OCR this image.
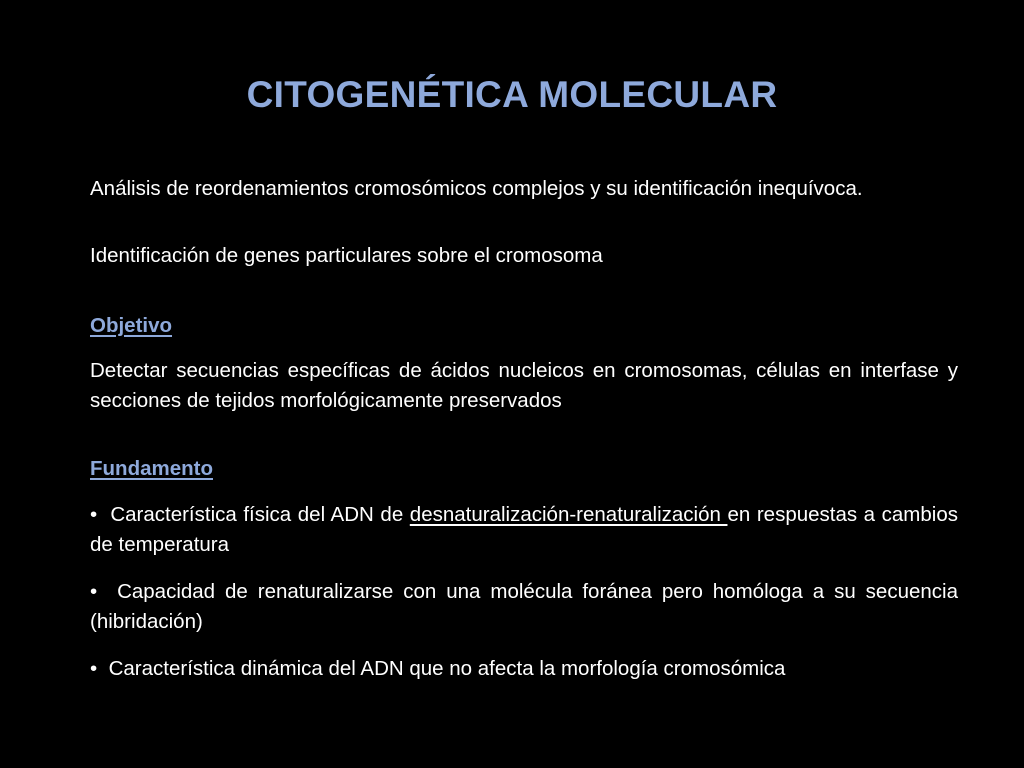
CITOGENÉTICA MOLECULAR
Análisis de reordenamientos cromosómicos complejos y su identificación inequívoca.
Identificación de genes particulares sobre el cromosoma
Objetivo
Detectar secuencias específicas de ácidos nucleicos en cromosomas, células en interfase y secciones de tejidos morfológicamente preservados
Fundamento
• Característica física del ADN de desnaturalización-renaturalización en respuestas a cambios de temperatura
• Capacidad de renaturalizarse con una molécula foránea pero homóloga a su secuencia (hibridación)
• Característica dinámica del ADN que no afecta la morfología cromosómica
